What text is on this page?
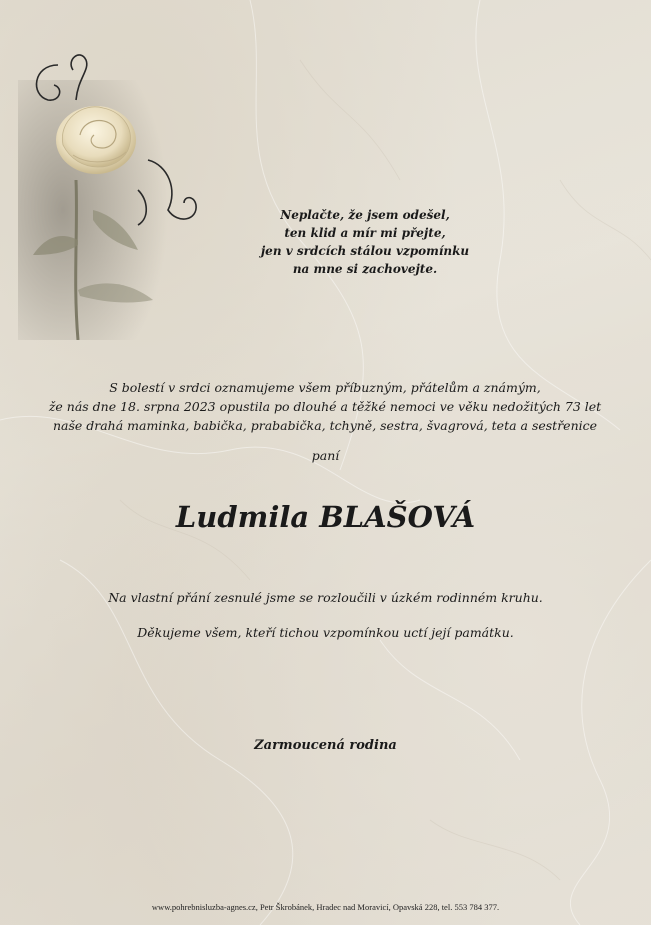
Neplačte, že jsem odešel,
ten klid a mír mi přejte,
jen v srdcích stálou vzpomínku
na mne si zachovejte.
S bolestí v srdci oznamujeme všem příbuzným, přátelům a známým,
že nás dne 18. srpna 2023 opustila po dlouhé a těžké nemoci ve věku nedožitých 73 let
naše drahá maminka, babička, prababička, tchyně, sestra, švagrová, teta a sestřenice
paní
Ludmila BLAŠOVÁ
Na vlastní přání zesnulé jsme se rozloučili v úzkém rodinném kruhu.
Děkujeme všem, kteří tichou vzpomínkou uctí její památku.
Zarmoucená rodina
www.pohrebnisluzba-agnes.cz, Petr Škrobánek, Hradec nad Moravicí, Opavská 228, tel. 553 784 377.
